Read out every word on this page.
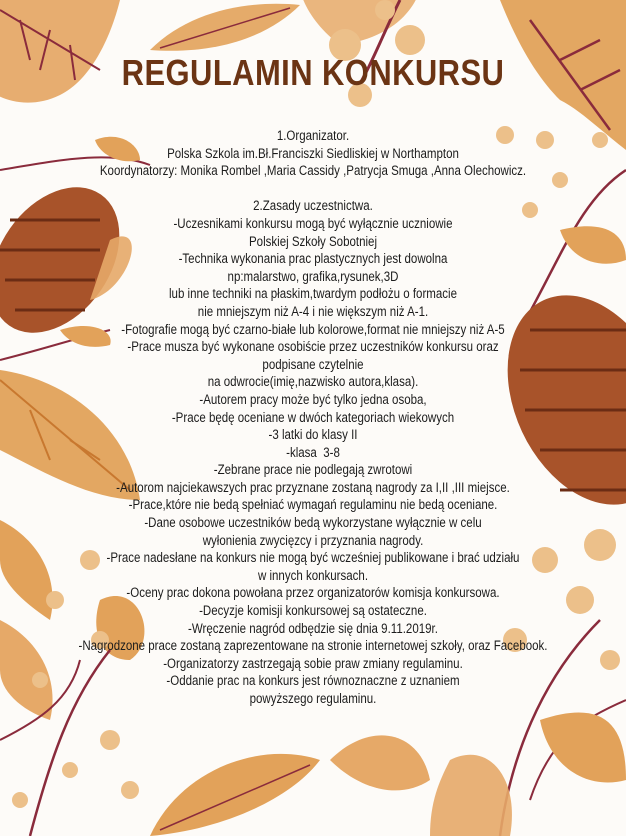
REGULAMIN KONKURSU
1.Organizator.
Polska Szkola im.Bł.Franciszki Siedliskiej w Northampton
Koordynatorzy: Monika Rombel ,Maria Cassidy ,Patrycja Smuga ,Anna Olechowicz.

2.Zasady uczestnictwa.
-Uczesnikami konkursu mogą być wyłącznie uczniowie
Polskiej Szkoły Sobotniej
-Technika wykonania prac plastycznych jest dowolna
np:malarstwo, grafika,rysunek,3D
lub inne techniki na płaskim,twardym podłożu o formacie
nie mniejszym niż A-4 i nie większym niż A-1.
-Fotografie mogą być czarno-białe lub kolorowe,format nie mniejszy niż A-5
-Prace musza być wykonane osobiście przez uczestników konkursu oraz
podpisane czytelnie
na odwrocie(imię,nazwisko autora,klasa).
-Autorem pracy może być tylko jedna osoba,
-Prace będę oceniane w dwóch kategoriach wiekowych
-3 latki do klasy II
-klasa  3-8
-Zebrane prace nie podlegają zwrotowi
-Autorom najciekawszych prac przyznane zostaną nagrody za I,II ,III miejsce.
-Prace,które nie bedą spełniać wymagań regulaminu nie bedą oceniane.
-Dane osobowe uczestników bedą wykorzystane wyłącznie w celu
wyłonienia zwycięzcy i przyznania nagrody.
-Prace nadesłane na konkurs nie mogą być wcześniej publikowane i brać udziału
w innych konkursach.
-Oceny prac dokona powołana przez organizatorów komisja konkursowa.
-Decyzje komisji konkursowej są ostateczne.
-Wręczenie nagród odbędzie się dnia 9.11.2019r.
-Nagrodzone prace zostaną zaprezentowane na stronie internetowej szkoły, oraz Facebook.
-Organizatorzy zastrzegają sobie praw zmiany regulaminu.
-Oddanie prac na konkurs jest równoznaczne z uznaniem
powyższego regulaminu.
